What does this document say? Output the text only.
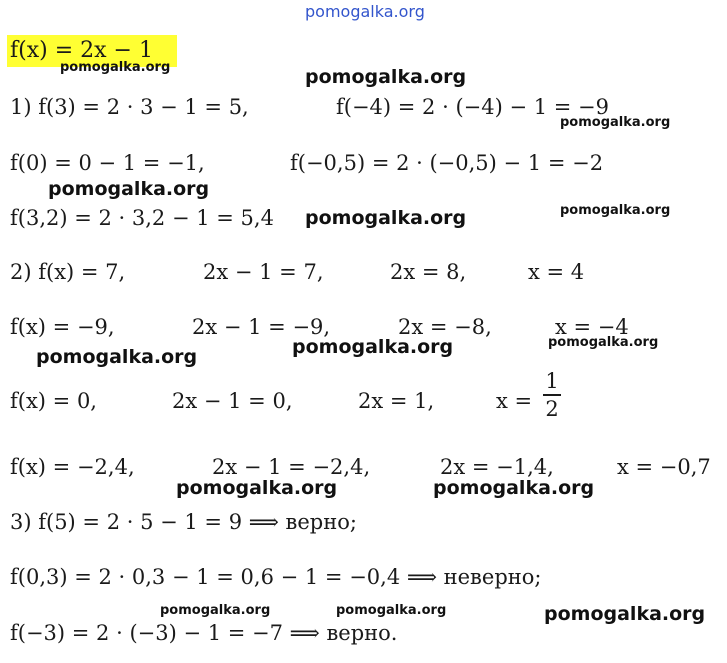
pomogalka.org
f(x) = 2x − 1
1) f(3) = 2 · 3 − 1 = 5,	f(−4) = 2 · (−4) − 1 = −9
f(0) = 0 − 1 = −1,	f(−0,5) = 2 · (−0,5) − 1 = −2
f(3,2) = 2 · 3,2 − 1 = 5,4
2) f(x) = 7,	2x − 1 = 7,	2x = 8,	x = 4
f(x) = −9,	2x − 1 = −9,	2x = −8,	x = −4
f(x) = 0,	2x − 1 = 0,	2x = 1,	x =
1
2
f(x) = −2,4,	2x − 1 = −2,4,	2x = −1,4,	x = −0,7
3) f(5) = 2 · 5 − 1 = 9 ⟹ верно;
f(0,3) = 2 · 0,3 − 1 = 0,6 − 1 = −0,4 ⟹ неверно;
f(−3) = 2 · (−3) − 1 = −7 ⟹ верно.
pomogalka.org	pomogalka.org
pomogalka.org
pomogalka.org
pomogalka.org	pomogalka.org
pomogalka.org	pomogalka.org	pomogalka.org
pomogalka.org	pomogalka.org
pomogalka.org	pomogalka.org	pomogalka.org
